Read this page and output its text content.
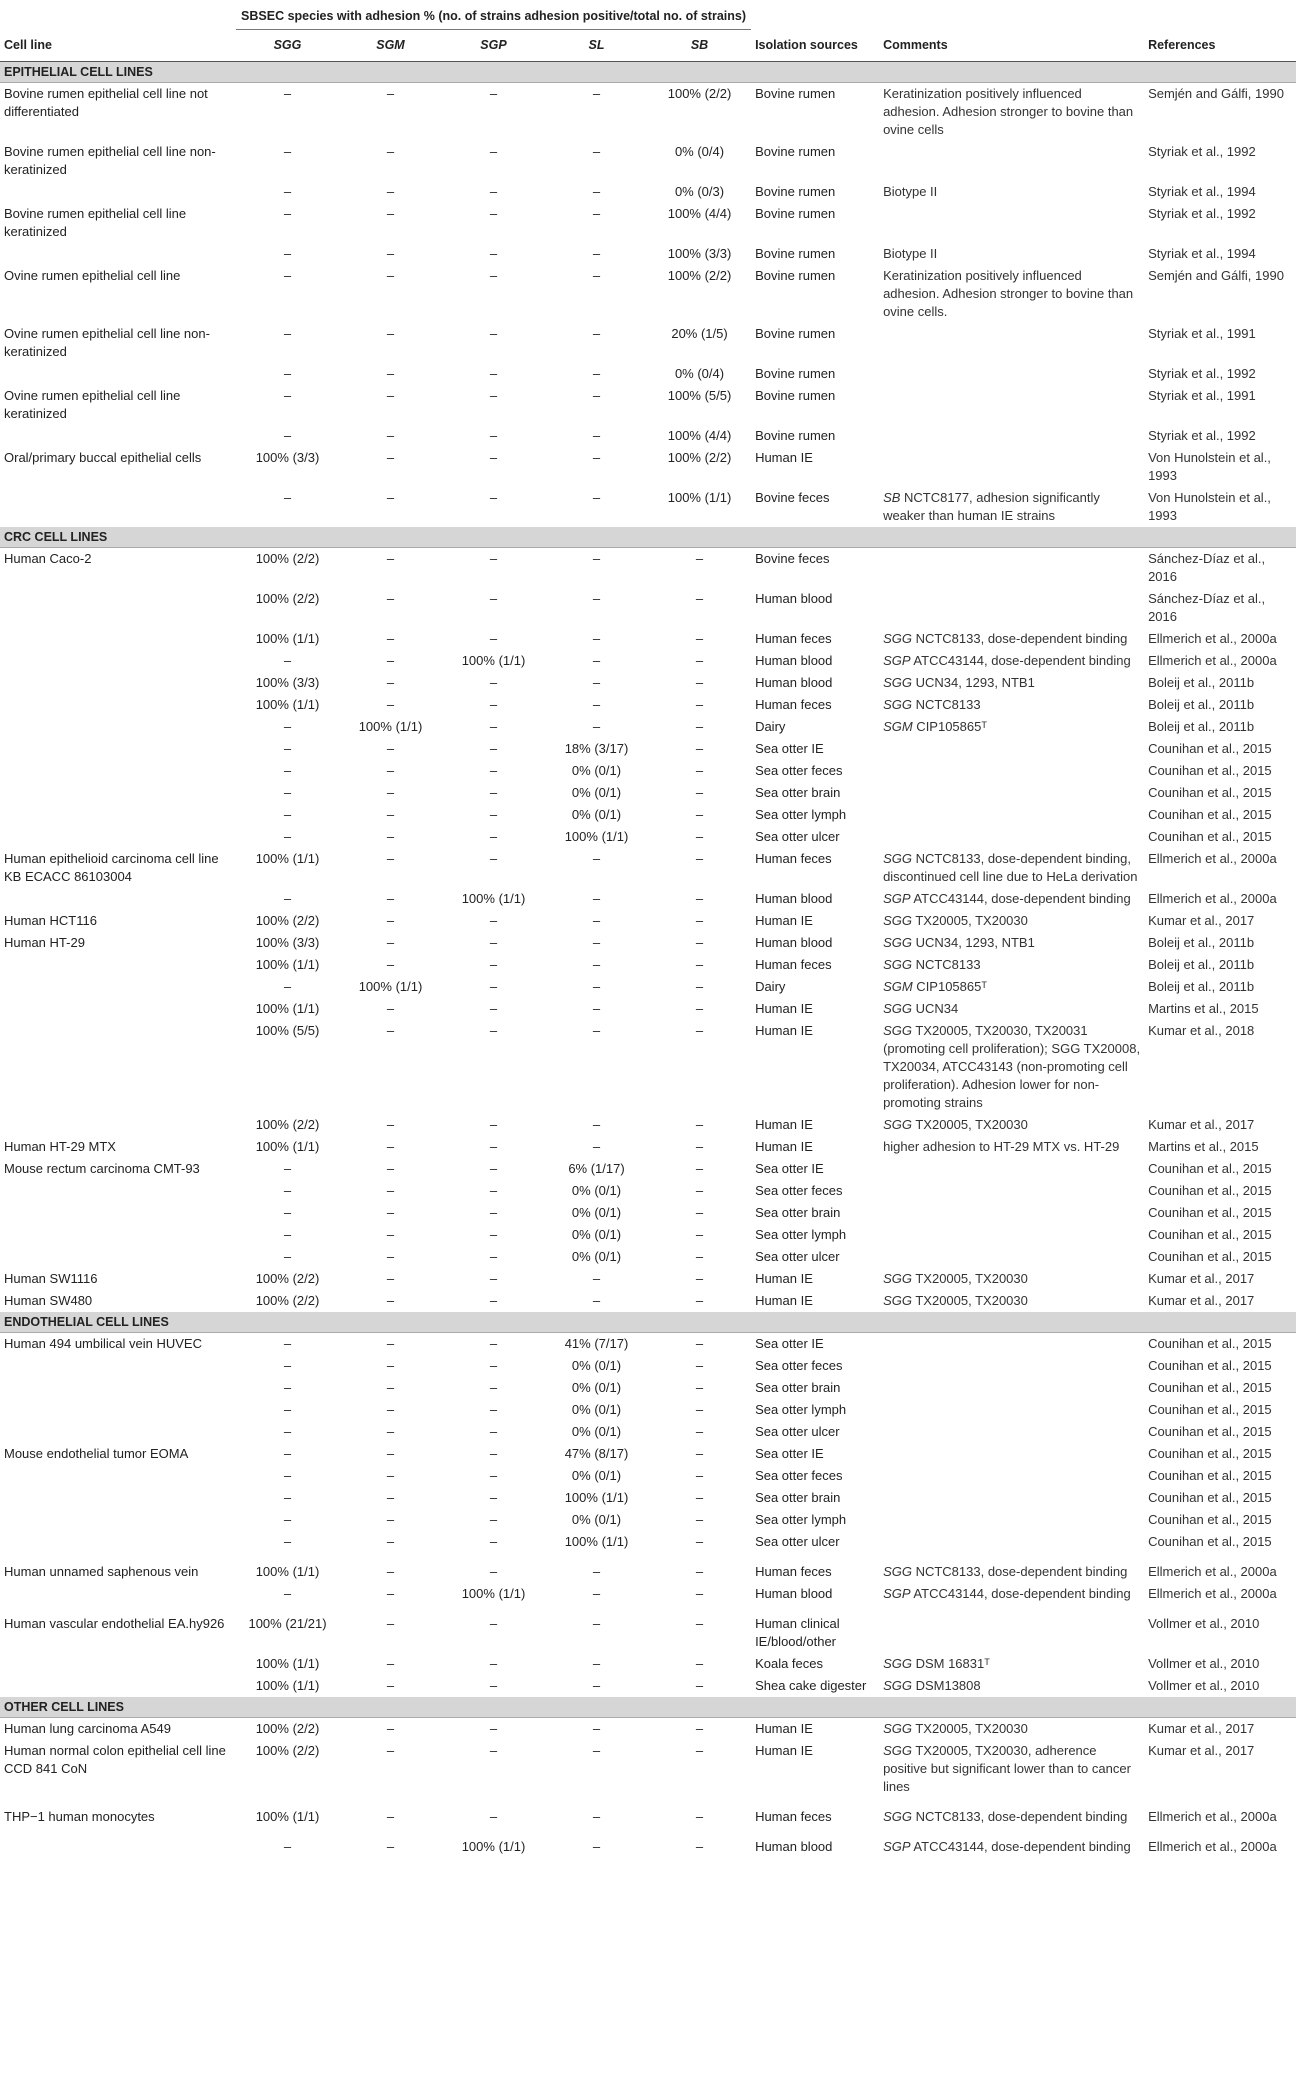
Cell line	SBSEC species with adhesion % (no. of strains adhesion positive/total no. of strains)					Isolation sources	Comments	References
	SGG	SGM	SGP	SL	SB			
EPITHELIAL CELL LINES								
Bovine rumen epithelial cell line not differentiated	–	–	–	–	100% (2/2)	Bovine rumen	Keratinization positively influenced adhesion. Adhesion stronger to bovine than ovine cells	Semjén and Gálfi, 1990
Bovine rumen epithelial cell line non-keratinized	–	–	–	–	0% (0/4)	Bovine rumen		Styriak et al., 1992
	–	–	–	–	0% (0/3)	Bovine rumen	Biotype II	Styriak et al., 1994
Bovine rumen epithelial cell line keratinized	–	–	–	–	100% (4/4)	Bovine rumen		Styriak et al., 1992
	–	–	–	–	100% (3/3)	Bovine rumen	Biotype II	Styriak et al., 1994
Ovine rumen epithelial cell line	–	–	–	–	100% (2/2)	Bovine rumen	Keratinization positively influenced adhesion. Adhesion stronger to bovine than ovine cells.	Semjén and Gálfi, 1990
Ovine rumen epithelial cell line non-keratinized	–	–	–	–	20% (1/5)	Bovine rumen		Styriak et al., 1991
	–	–	–	–	0% (0/4)	Bovine rumen		Styriak et al., 1992
Ovine rumen epithelial cell line keratinized	–	–	–	–	100% (5/5)	Bovine rumen		Styriak et al., 1991
	–	–	–	–	100% (4/4)	Bovine rumen		Styriak et al., 1992
Oral/primary buccal epithelial cells	100% (3/3)	–	–	–	100% (2/2)	Human IE		Von Hunolstein et al., 1993
	–	–	–	–	100% (1/1)	Bovine feces	SB NCTC8177, adhesion significantly weaker than human IE strains	Von Hunolstein et al., 1993
CRC CELL LINES								
Human Caco-2	100% (2/2)	–	–	–	–	Bovine feces		Sánchez-Díaz et al., 2016
	100% (2/2)	–	–	–	–	Human blood		Sánchez-Díaz et al., 2016
	100% (1/1)	–	–	–	–	Human feces	SGG NCTC8133, dose-dependent binding	Ellmerich et al., 2000a
	–	–	100% (1/1)	–	–	Human blood	SGP ATCC43144, dose-dependent binding	Ellmerich et al., 2000a
	100% (3/3)	–	–	–	–	Human blood	SGG UCN34, 1293, NTB1	Boleij et al., 2011b
	100% (1/1)	–	–	–	–	Human feces	SGG NCTC8133	Boleij et al., 2011b
	–	100% (1/1)	–	–	–	Dairy	SGM CIP105865ᵀ	Boleij et al., 2011b
	–	–	–	18% (3/17)	–	Sea otter IE		Counihan et al., 2015
	–	–	–	0% (0/1)	–	Sea otter feces		Counihan et al., 2015
	–	–	–	0% (0/1)	–	Sea otter brain		Counihan et al., 2015
	–	–	–	0% (0/1)	–	Sea otter lymph		Counihan et al., 2015
	–	–	–	100% (1/1)	–	Sea otter ulcer		Counihan et al., 2015
Human epithelioid carcinoma cell line KB ECACC 86103004	100% (1/1)	–	–	–	–	Human feces	SGG NCTC8133, dose-dependent binding, discontinued cell line due to HeLa derivation	Ellmerich et al., 2000a
	–	–	100% (1/1)	–	–	Human blood	SGP ATCC43144, dose-dependent binding	Ellmerich et al., 2000a
Human HCT116	100% (2/2)	–	–	–	–	Human IE	SGG TX20005, TX20030	Kumar et al., 2017
Human HT-29	100% (3/3)	–	–	–	–	Human blood	SGG UCN34, 1293, NTB1	Boleij et al., 2011b
	100% (1/1)	–	–	–	–	Human feces	SGG NCTC8133	Boleij et al., 2011b
	–	100% (1/1)	–	–	–	Dairy	SGM CIP105865ᵀ	Boleij et al., 2011b
	100% (1/1)	–	–	–	–	Human IE	SGG UCN34	Martins et al., 2015
	100% (5/5)	–	–	–	–	Human IE	SGG TX20005, TX20030, TX20031 (promoting cell proliferation); SGG TX20008, TX20034, ATCC43143 (non-promoting cell proliferation). Adhesion lower for non-promoting strains	Kumar et al., 2018
	100% (2/2)	–	–	–	–	Human IE	SGG TX20005, TX20030	Kumar et al., 2017
Human HT-29 MTX	100% (1/1)	–	–	–	–	Human IE	higher adhesion to HT-29 MTX vs. HT-29	Martins et al., 2015
Mouse rectum carcinoma CMT-93	–	–	–	6% (1/17)	–	Sea otter IE		Counihan et al., 2015
	–	–	–	0% (0/1)	–	Sea otter feces		Counihan et al., 2015
	–	–	–	0% (0/1)	–	Sea otter brain		Counihan et al., 2015
	–	–	–	0% (0/1)	–	Sea otter lymph		Counihan et al., 2015
	–	–	–	0% (0/1)	–	Sea otter ulcer		Counihan et al., 2015
Human SW1116	100% (2/2)	–	–	–	–	Human IE	SGG TX20005, TX20030	Kumar et al., 2017
Human SW480	100% (2/2)	–	–	–	–	Human IE	SGG TX20005, TX20030	Kumar et al., 2017
ENDOTHELIAL CELL LINES								
Human 494 umbilical vein HUVEC	–	–	–	41% (7/17)	–	Sea otter IE		Counihan et al., 2015
	–	–	–	0% (0/1)	–	Sea otter feces		Counihan et al., 2015
	–	–	–	0% (0/1)	–	Sea otter brain		Counihan et al., 2015
	–	–	–	0% (0/1)	–	Sea otter lymph		Counihan et al., 2015
	–	–	–	0% (0/1)	–	Sea otter ulcer		Counihan et al., 2015
Mouse endothelial tumor EOMA	–	–	–	47% (8/17)	–	Sea otter IE		Counihan et al., 2015
	–	–	–	0% (0/1)	–	Sea otter feces		Counihan et al., 2015
	–	–	–	100% (1/1)	–	Sea otter brain		Counihan et al., 2015
	–	–	–	0% (0/1)	–	Sea otter lymph		Counihan et al., 2015
	–	–	–	100% (1/1)	–	Sea otter ulcer		Counihan et al., 2015
Human unnamed saphenous vein	100% (1/1)	–	–	–	–	Human feces	SGG NCTC8133, dose-dependent binding	Ellmerich et al., 2000a
	–	–	100% (1/1)	–	–	Human blood	SGP ATCC43144, dose-dependent binding	Ellmerich et al., 2000a
Human vascular endothelial EA.hy926	100% (21/21)	–	–	–	–	Human clinical IE/blood/other		Vollmer et al., 2010
	100% (1/1)	–	–	–	–	Koala feces	SGG DSM 16831ᵀ	Vollmer et al., 2010
	100% (1/1)	–	–	–	–	Shea cake digester	SGG DSM13808	Vollmer et al., 2010
OTHER CELL LINES								
Human lung carcinoma A549	100% (2/2)	–	–	–	–	Human IE	SGG TX20005, TX20030	Kumar et al., 2017
Human normal colon epithelial cell line CCD 841 CoN	100% (2/2)	–	–	–	–	Human IE	SGG TX20005, TX20030, adherence positive but significant lower than to cancer lines	Kumar et al., 2017
THP−1 human monocytes	100% (1/1)	–	–	–	–	Human feces	SGG NCTC8133, dose-dependent binding	Ellmerich et al., 2000a
	–	–	100% (1/1)	–	–	Human blood	SGP ATCC43144, dose-dependent binding	Ellmerich et al., 2000a
